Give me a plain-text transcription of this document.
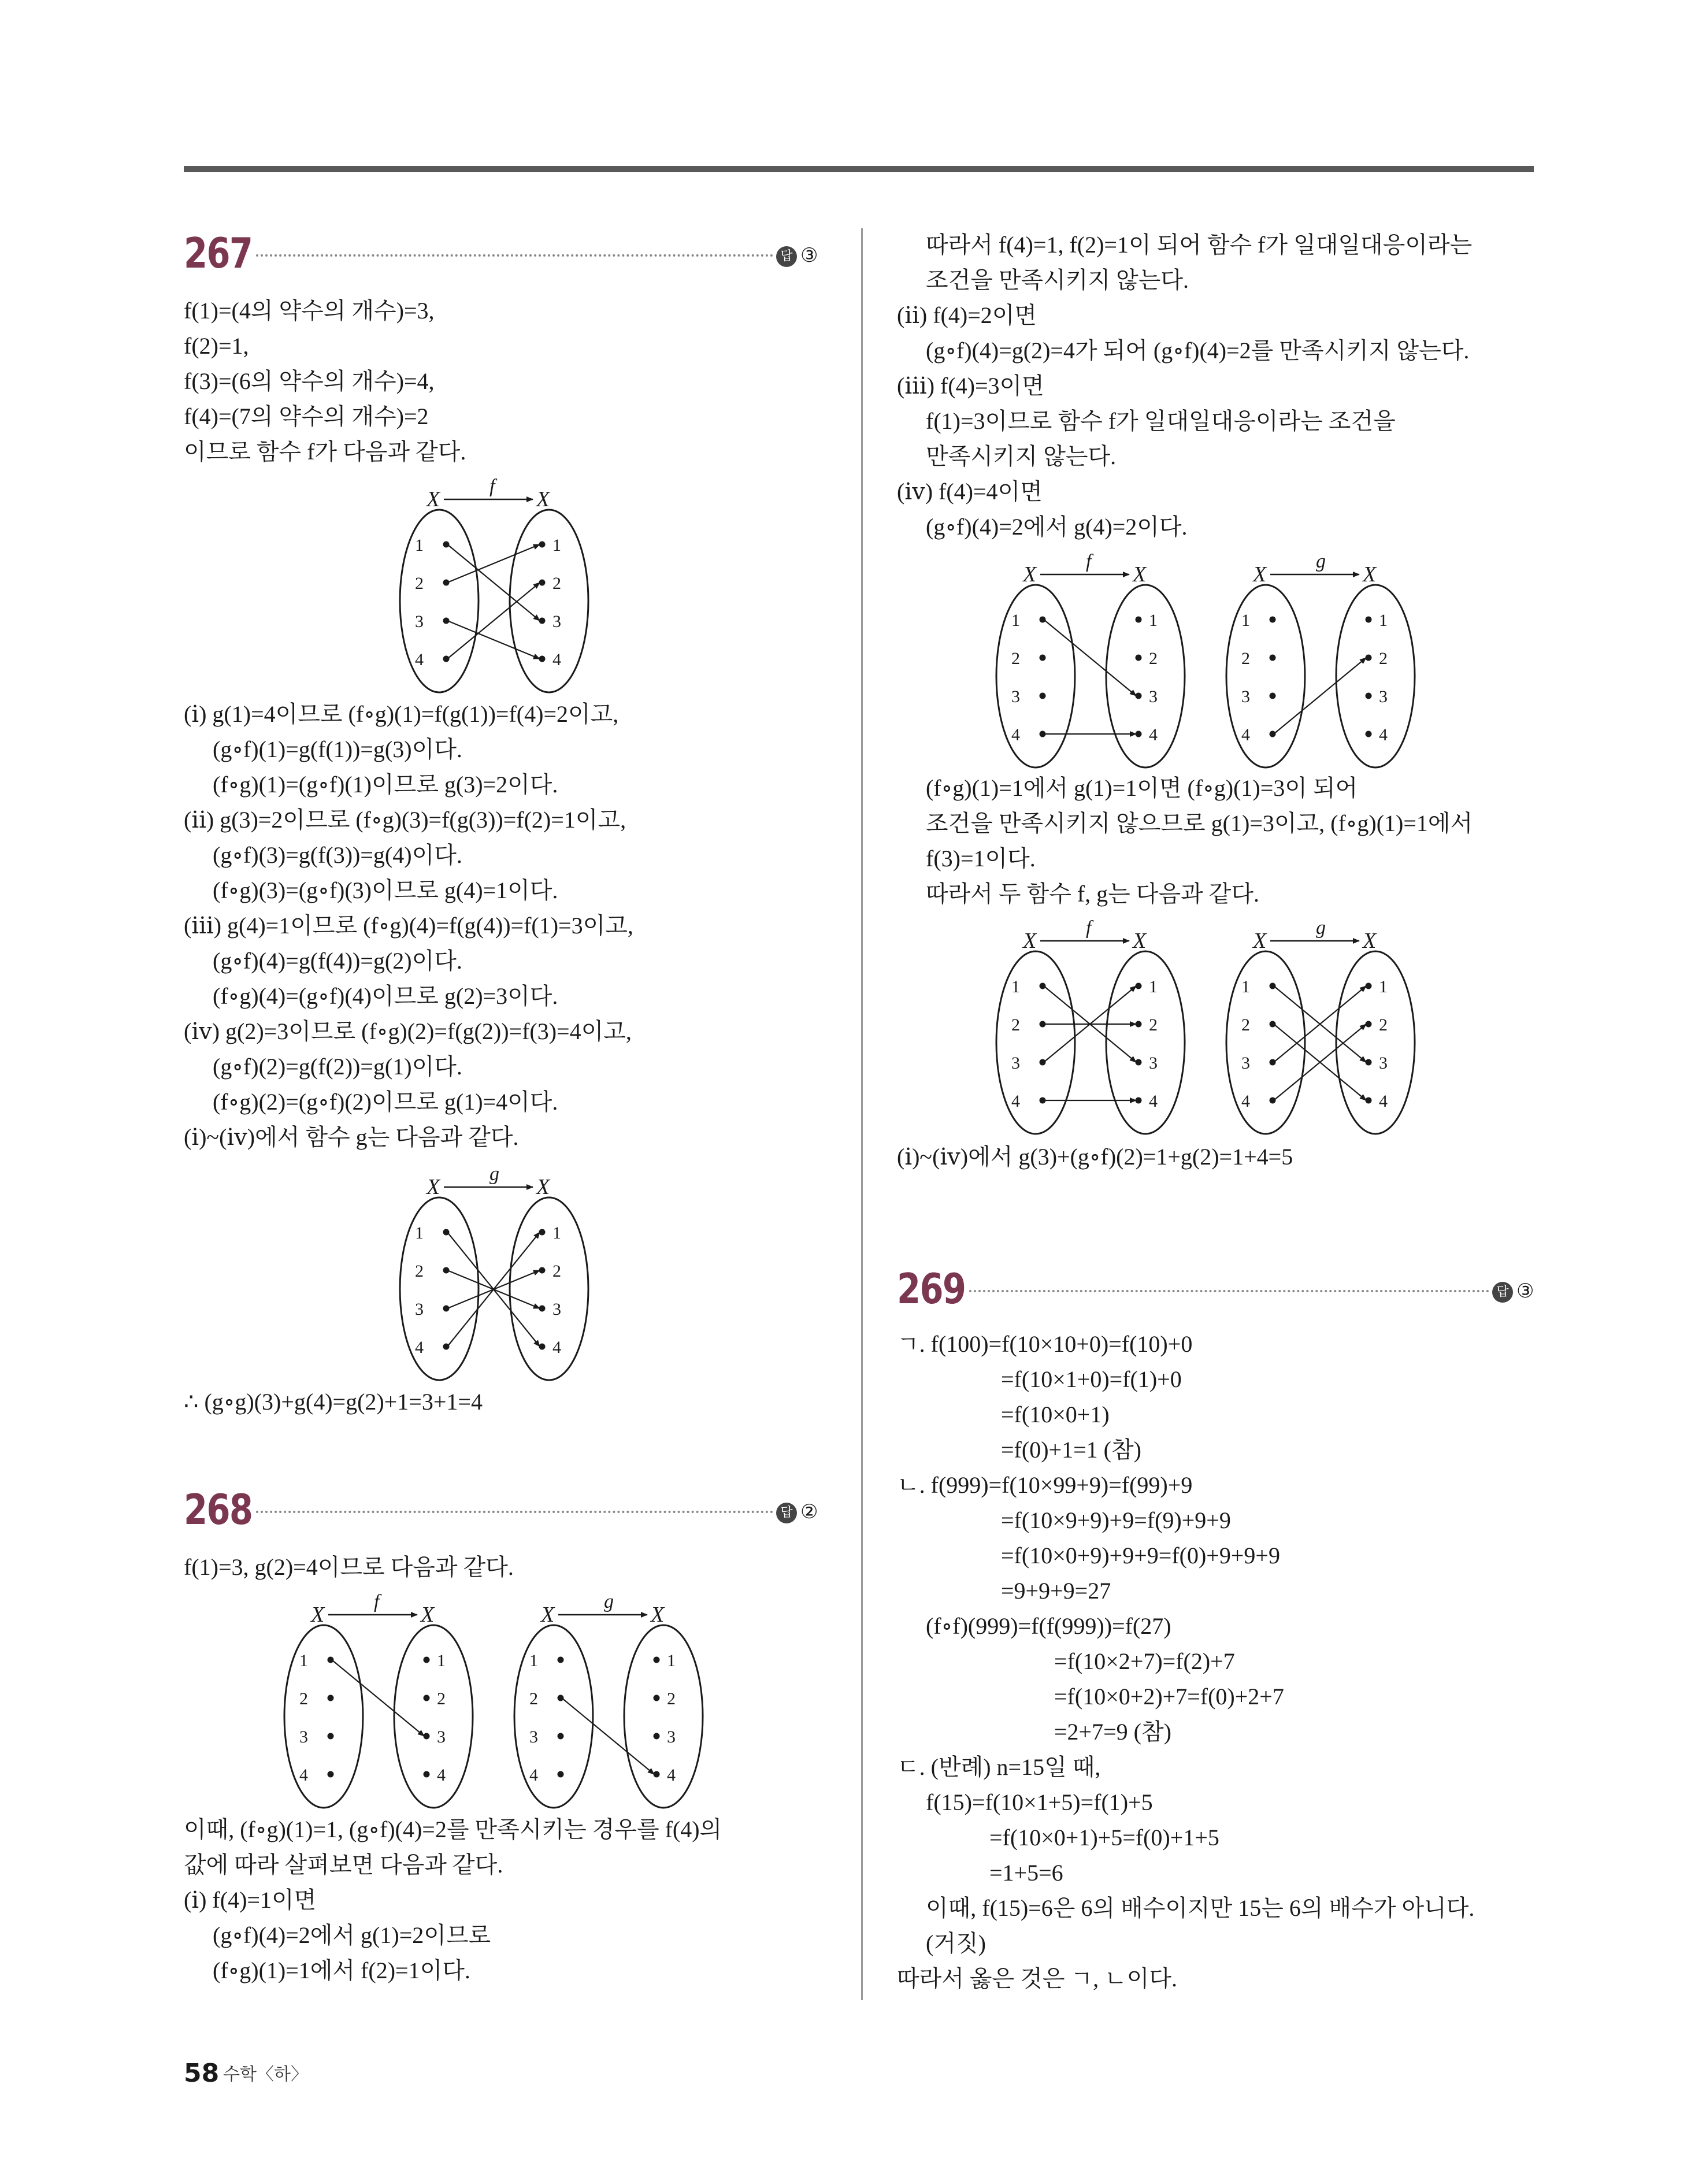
267	답 ③
f(1)=(4의 약수의 개수)=3,
f(2)=1,
f(3)=(6의 약수의 개수)=4,
f(4)=(7의 약수의 개수)=2
이므로 함수 f가 다음과 같다.
X	X
f
1	1
2	2
3	3
4	4
(ⅰ) g(1)=4이므로 (f∘g)(1)=f(g(1))=f(4)=2이고,
(g∘f)(1)=g(f(1))=g(3)이다.
(f∘g)(1)=(g∘f)(1)이므로 g(3)=2이다.
(ⅱ) g(3)=2이므로 (f∘g)(3)=f(g(3))=f(2)=1이고,
(g∘f)(3)=g(f(3))=g(4)이다.
(f∘g)(3)=(g∘f)(3)이므로 g(4)=1이다.
(ⅲ) g(4)=1이므로 (f∘g)(4)=f(g(4))=f(1)=3이고,
(g∘f)(4)=g(f(4))=g(2)이다.
(f∘g)(4)=(g∘f)(4)이므로 g(2)=3이다.
(ⅳ) g(2)=3이므로 (f∘g)(2)=f(g(2))=f(3)=4이고,
(g∘f)(2)=g(f(2))=g(1)이다.
(f∘g)(2)=(g∘f)(2)이므로 g(1)=4이다.
(ⅰ)~(ⅳ)에서 함수 g는 다음과 같다.
X	X
g
1	1
2	2
3	3
4	4
∴ (g∘g)(3)+g(4)=g(2)+1=3+1=4
268	답 ②
f(1)=3, g(2)=4이므로 다음과 같다.
X	X
f
1	1
2	2
3	3
4	4
X	X
g
1	1
2	2
3	3
4	4
이때, (f∘g)(1)=1, (g∘f)(4)=2를 만족시키는 경우를 f(4)의
값에 따라 살펴보면 다음과 같다.
(ⅰ) f(4)=1이면
(g∘f)(4)=2에서 g(1)=2이므로
(f∘g)(1)=1에서 f(2)=1이다.
따라서 f(4)=1, f(2)=1이 되어 함수 f가 일대일대응이라는
조건을 만족시키지 않는다.
(ⅱ) f(4)=2이면
(g∘f)(4)=g(2)=4가 되어 (g∘f)(4)=2를 만족시키지 않는다.
(ⅲ) f(4)=3이면
f(1)=3이므로 함수 f가 일대일대응이라는 조건을
만족시키지 않는다.
(ⅳ) f(4)=4이면
(g∘f)(4)=2에서 g(4)=2이다.
X	X
f
1	1
2	2
3	3
4	4
X	X
g
1	1
2	2
3	3
4	4
(f∘g)(1)=1에서 g(1)=1이면 (f∘g)(1)=3이 되어
조건을 만족시키지 않으므로 g(1)=3이고, (f∘g)(1)=1에서
f(3)=1이다.
따라서 두 함수 f, g는 다음과 같다.
X	X
f
1	1
2	2
3	3
4	4
X	X
g
1	1
2	2
3	3
4	4
(ⅰ)~(ⅳ)에서 g(3)+(g∘f)(2)=1+g(2)=1+4=5
269	답 ③
ㄱ. f(100)=f(10×10+0)=f(10)+0
=f(10×1+0)=f(1)+0
=f(10×0+1)
=f(0)+1=1 (참)
ㄴ. f(999)=f(10×99+9)=f(99)+9
=f(10×9+9)+9=f(9)+9+9
=f(10×0+9)+9+9=f(0)+9+9+9
=9+9+9=27
(f∘f)(999)=f(f(999))=f(27)
=f(10×2+7)=f(2)+7
=f(10×0+2)+7=f(0)+2+7
=2+7=9 (참)
ㄷ. (반례) n=15일 때,
f(15)=f(10×1+5)=f(1)+5
=f(10×0+1)+5=f(0)+1+5
=1+5=6
이때, f(15)=6은 6의 배수이지만 15는 6의 배수가 아니다.
(거짓)
따라서 옳은 것은 ㄱ, ㄴ이다.
58 수학〈하〉
